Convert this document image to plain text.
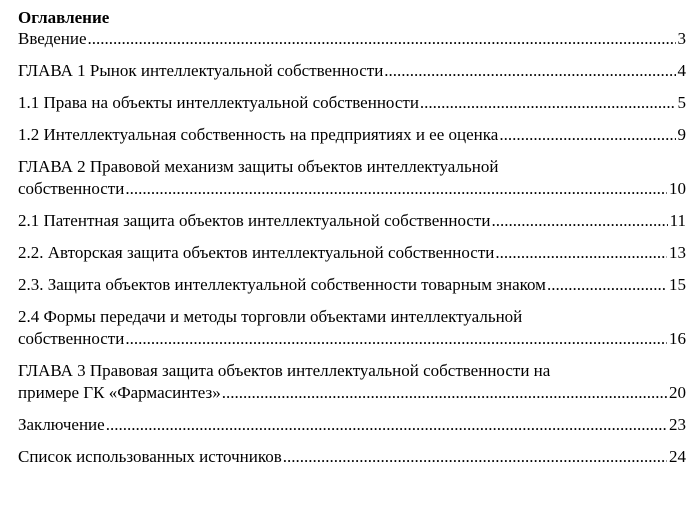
Оглавление
Введение .....	3
ГЛАВА 1 Рынок интеллектуальной собственности .....	4
1.1 Права на объекты интеллектуальной собственности .....	5
1.2 Интеллектуальная собственность на предприятиях и ее оценка .....	9
ГЛАВА 2 Правовой механизм защиты объектов интеллектуальной
собственности .....	10
2.1 Патентная защита объектов интеллектуальной собственности .....	11
2.2. Авторская защита объектов интеллектуальной собственности .....	13
2.3. Защита объектов интеллектуальной собственности товарным знаком .....	15
2.4 Формы передачи и методы торговли объектами интеллектуальной
собственности .....	16
ГЛАВА 3 Правовая защита объектов интеллектуальной собственности на
примере ГК «Фармасинтез» .....	20
Заключение .....	23
Список использованных источников .....	24
